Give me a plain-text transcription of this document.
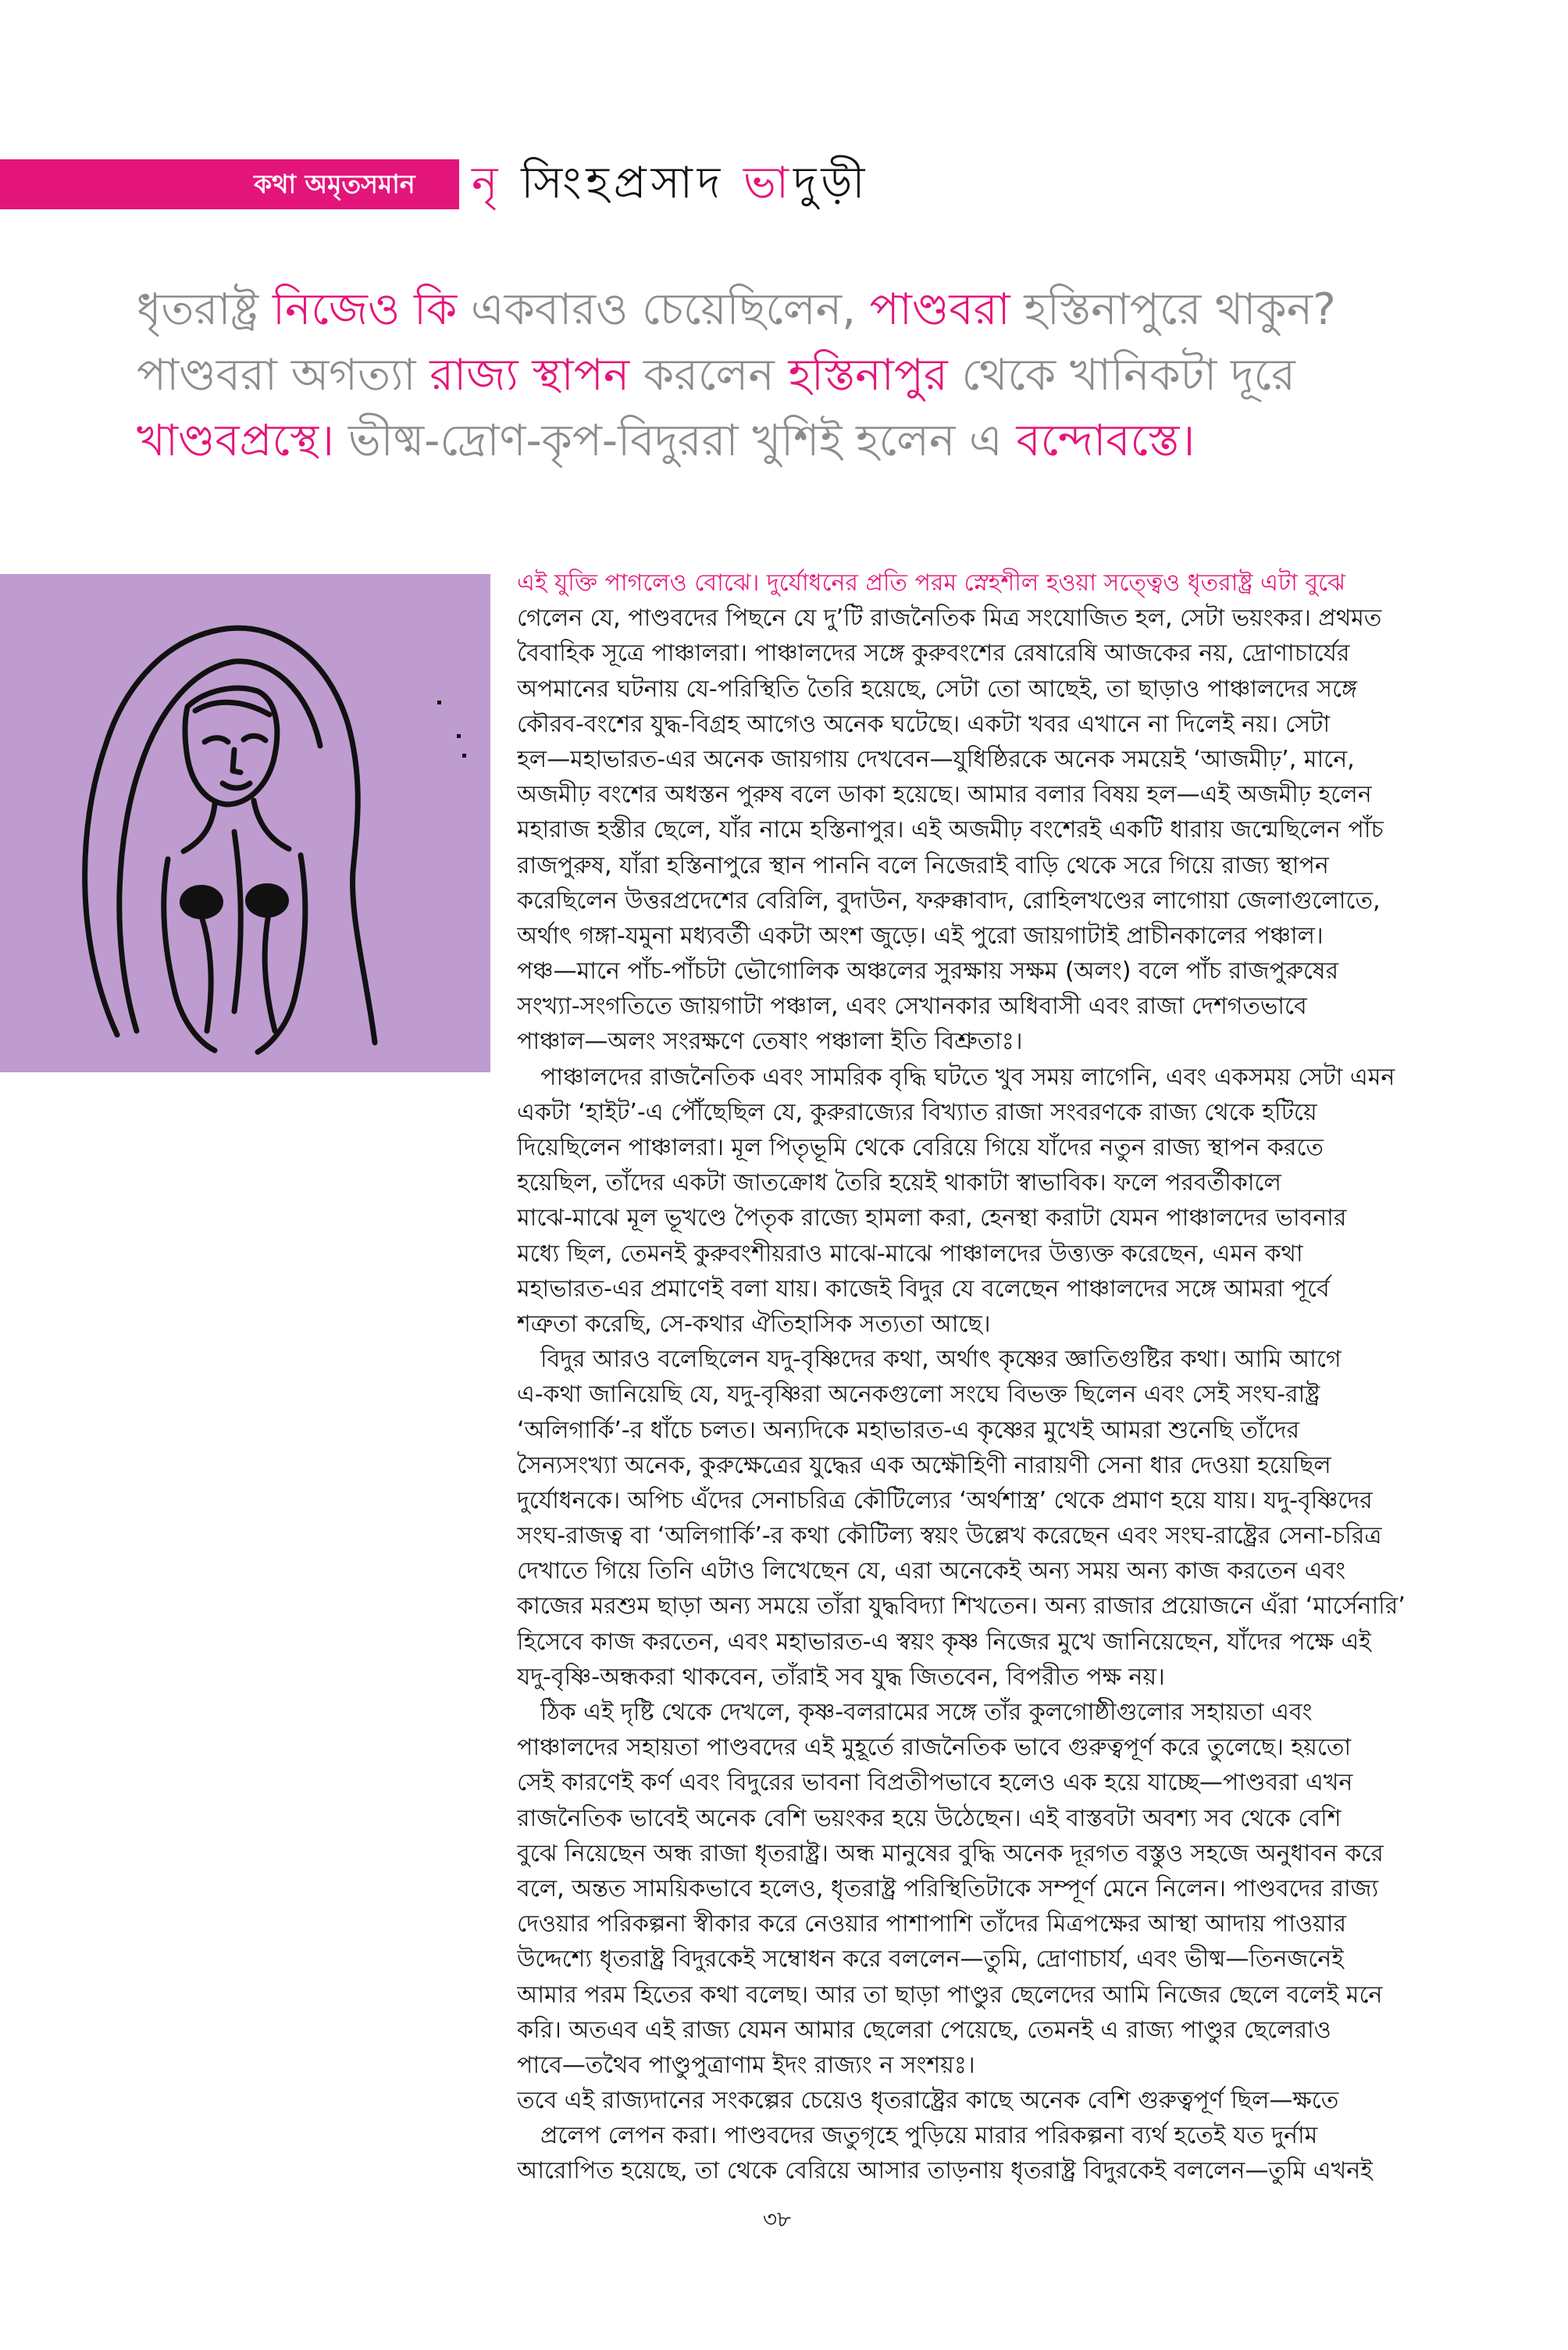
কথা অমৃতসমান নৃ সিংহপ্রসাদ ভাদুড়ী
ধৃতরাষ্ট্র নিজেও কি একবারও চেয়েছিলেন, পাণ্ডবরা হস্তিনাপুরে থাকুন?
পাণ্ডবরা অগত্যা রাজ্য স্থাপন করলেন হস্তিনাপুর থেকে খানিকটা দূরে
খাণ্ডবপ্রস্থে। ভীষ্ম-দ্রোণ-কৃপ-বিদুররা খুশিই হলেন এ বন্দোবস্তে।
এই যুক্তি পাগলেও বোঝে। দুর্যোধনের প্রতি পরম স্নেহশীল হওয়া সত্ত্বেও ধৃতরাষ্ট্র এটা বুঝে
গেলেন যে, পাণ্ডবদের পিছনে যে দু’টি রাজনৈতিক মিত্র সংযোজিত হল, সেটা ভয়ংকর। প্রথমত
বৈবাহিক সূত্রে পাঞ্চালরা। পাঞ্চালদের সঙ্গে কুরুবংশের রেষারেষি আজকের নয়, দ্রোণাচার্যের
অপমানের ঘটনায় যে-পরিস্থিতি তৈরি হয়েছে, সেটা তো আছেই, তা ছাড়াও পাঞ্চালদের সঙ্গে
কৌরব-বংশের যুদ্ধ-বিগ্রহ আগেও অনেক ঘটেছে। একটা খবর এখানে না দিলেই নয়। সেটা
হল—মহাভারত-এর অনেক জায়গায় দেখবেন—যুধিষ্ঠিরকে অনেক সময়েই ‘আজমীঢ়’, মানে,
অজমীঢ় বংশের অধস্তন পুরুষ বলে ডাকা হয়েছে। আমার বলার বিষয় হল—এই অজমীঢ় হলেন
মহারাজ হস্তীর ছেলে, যাঁর নামে হস্তিনাপুর। এই অজমীঢ় বংশেরই একটি ধারায় জন্মেছিলেন পাঁচ
রাজপুরুষ, যাঁরা হস্তিনাপুরে স্থান পাননি বলে নিজেরাই বাড়ি থেকে সরে গিয়ে রাজ্য স্থাপন
করেছিলেন উত্তরপ্রদেশের বেরিলি, বুদাউন, ফরুক্কাবাদ, রোহিলখণ্ডের লাগোয়া জেলাগুলোতে,
অর্থাৎ গঙ্গা-যমুনা মধ্যবর্তী একটা অংশ জুড়ে। এই পুরো জায়গাটাই প্রাচীনকালের পঞ্চাল।
পঞ্চ—মানে পাঁচ-পাঁচটা ভৌগোলিক অঞ্চলের সুরক্ষায় সক্ষম (অলং) বলে পাঁচ রাজপুরুষের
সংখ্যা-সংগতিতে জায়গাটা পঞ্চাল, এবং সেখানকার অধিবাসী এবং রাজা দেশগতভাবে
পাঞ্চাল—অলং সংরক্ষণে তেষাং পঞ্চালা ইতি বিশ্রুতাঃ।
পাঞ্চালদের রাজনৈতিক এবং সামরিক বৃদ্ধি ঘটতে খুব সময় লাগেনি, এবং একসময় সেটা এমন
একটা ‘হাইট’-এ পৌঁছেছিল যে, কুরুরাজ্যের বিখ্যাত রাজা সংবরণকে রাজ্য থেকে হটিয়ে
দিয়েছিলেন পাঞ্চালরা। মূল পিতৃভূমি থেকে বেরিয়ে গিয়ে যাঁদের নতুন রাজ্য স্থাপন করতে
হয়েছিল, তাঁদের একটা জাতক্রোধ তৈরি হয়েই থাকাটা স্বাভাবিক। ফলে পরবর্তীকালে
মাঝে-মাঝে মূল ভূখণ্ডে পৈতৃক রাজ্যে হামলা করা, হেনস্থা করাটা যেমন পাঞ্চালদের ভাবনার
মধ্যে ছিল, তেমনই কুরুবংশীয়রাও মাঝে-মাঝে পাঞ্চালদের উত্ত্যক্ত করেছেন, এমন কথা
মহাভারত-এর প্রমাণেই বলা যায়। কাজেই বিদুর যে বলেছেন পাঞ্চালদের সঙ্গে আমরা পূর্বে
শত্রুতা করেছি, সে-কথার ঐতিহাসিক সত্যতা আছে।
বিদুর আরও বলেছিলেন যদু-বৃষ্ণিদের কথা, অর্থাৎ কৃষ্ণের জ্ঞাতিগুষ্টির কথা। আমি আগে
এ-কথা জানিয়েছি যে, যদু-বৃষ্ণিরা অনেকগুলো সংঘে বিভক্ত ছিলেন এবং সেই সংঘ-রাষ্ট্র
‘অলিগার্কি’-র ধাঁচে চলত। অন্যদিকে মহাভারত-এ কৃষ্ণের মুখেই আমরা শুনেছি তাঁদের
সৈন্যসংখ্যা অনেক, কুরুক্ষেত্রের যুদ্ধের এক অক্ষৌহিণী নারায়ণী সেনা ধার দেওয়া হয়েছিল
দুর্যোধনকে। অপিচ এঁদের সেনাচরিত্র কৌটিল্যের ‘অর্থশাস্ত্র’ থেকে প্রমাণ হয়ে যায়। যদু-বৃষ্ণিদের
সংঘ-রাজত্ব বা ‘অলিগার্কি’-র কথা কৌটিল্য স্বয়ং উল্লেখ করেছেন এবং সংঘ-রাষ্ট্রের সেনা-চরিত্র
দেখাতে গিয়ে তিনি এটাও লিখেছেন যে, এরা অনেকেই অন্য সময় অন্য কাজ করতেন এবং
কাজের মরশুম ছাড়া অন্য সময়ে তাঁরা যুদ্ধবিদ্যা শিখতেন। অন্য রাজার প্রয়োজনে এঁরা ‘মার্সেনারি’
হিসেবে কাজ করতেন, এবং মহাভারত-এ স্বয়ং কৃষ্ণ নিজের মুখে জানিয়েছেন, যাঁদের পক্ষে এই
যদু-বৃষ্ণি-অন্ধকরা থাকবেন, তাঁরাই সব যুদ্ধ জিতবেন, বিপরীত পক্ষ নয়।
ঠিক এই দৃষ্টি থেকে দেখলে, কৃষ্ণ-বলরামের সঙ্গে তাঁর কুলগোষ্ঠীগুলোর সহায়তা এবং
পাঞ্চালদের সহায়তা পাণ্ডবদের এই মুহূর্তে রাজনৈতিক ভাবে গুরুত্বপূর্ণ করে তুলেছে। হয়তো
সেই কারণেই কর্ণ এবং বিদুরের ভাবনা বিপ্রতীপভাবে হলেও এক হয়ে যাচ্ছে—পাণ্ডবরা এখন
রাজনৈতিক ভাবেই অনেক বেশি ভয়ংকর হয়ে উঠেছেন। এই বাস্তবটা অবশ্য সব থেকে বেশি
বুঝে নিয়েছেন অন্ধ রাজা ধৃতরাষ্ট্র। অন্ধ মানুষের বুদ্ধি অনেক দূরগত বস্তুও সহজে অনুধাবন করে
বলে, অন্তত সাময়িকভাবে হলেও, ধৃতরাষ্ট্র পরিস্থিতিটাকে সম্পূর্ণ মেনে নিলেন। পাণ্ডবদের রাজ্য
দেওয়ার পরিকল্পনা স্বীকার করে নেওয়ার পাশাপাশি তাঁদের মিত্রপক্ষের আস্থা আদায় পাওয়ার
উদ্দেশ্যে ধৃতরাষ্ট্র বিদুরকেই সম্বোধন করে বললেন—তুমি, দ্রোণাচার্য, এবং ভীষ্ম—তিনজনেই
আমার পরম হিতের কথা বলেছ। আর তা ছাড়া পাণ্ডুর ছেলেদের আমি নিজের ছেলে বলেই মনে
করি। অতএব এই রাজ্য যেমন আমার ছেলেরা পেয়েছে, তেমনই এ রাজ্য পাণ্ডুর ছেলেরাও
পাবে—তথৈব পাণ্ডুপুত্রাণাম ইদং রাজ্যং ন সংশয়ঃ।
তবে এই রাজ্যদানের সংকল্পের চেয়েও ধৃতরাষ্ট্রের কাছে অনেক বেশি গুরুত্বপূর্ণ ছিল—ক্ষতে
প্রলেপ লেপন করা। পাণ্ডবদের জতুগৃহে পুড়িয়ে মারার পরিকল্পনা ব্যর্থ হতেই যত দুর্নাম
আরোপিত হয়েছে, তা থেকে বেরিয়ে আসার তাড়নায় ধৃতরাষ্ট্র বিদুরকেই বললেন—তুমি এখনই
৩৮
